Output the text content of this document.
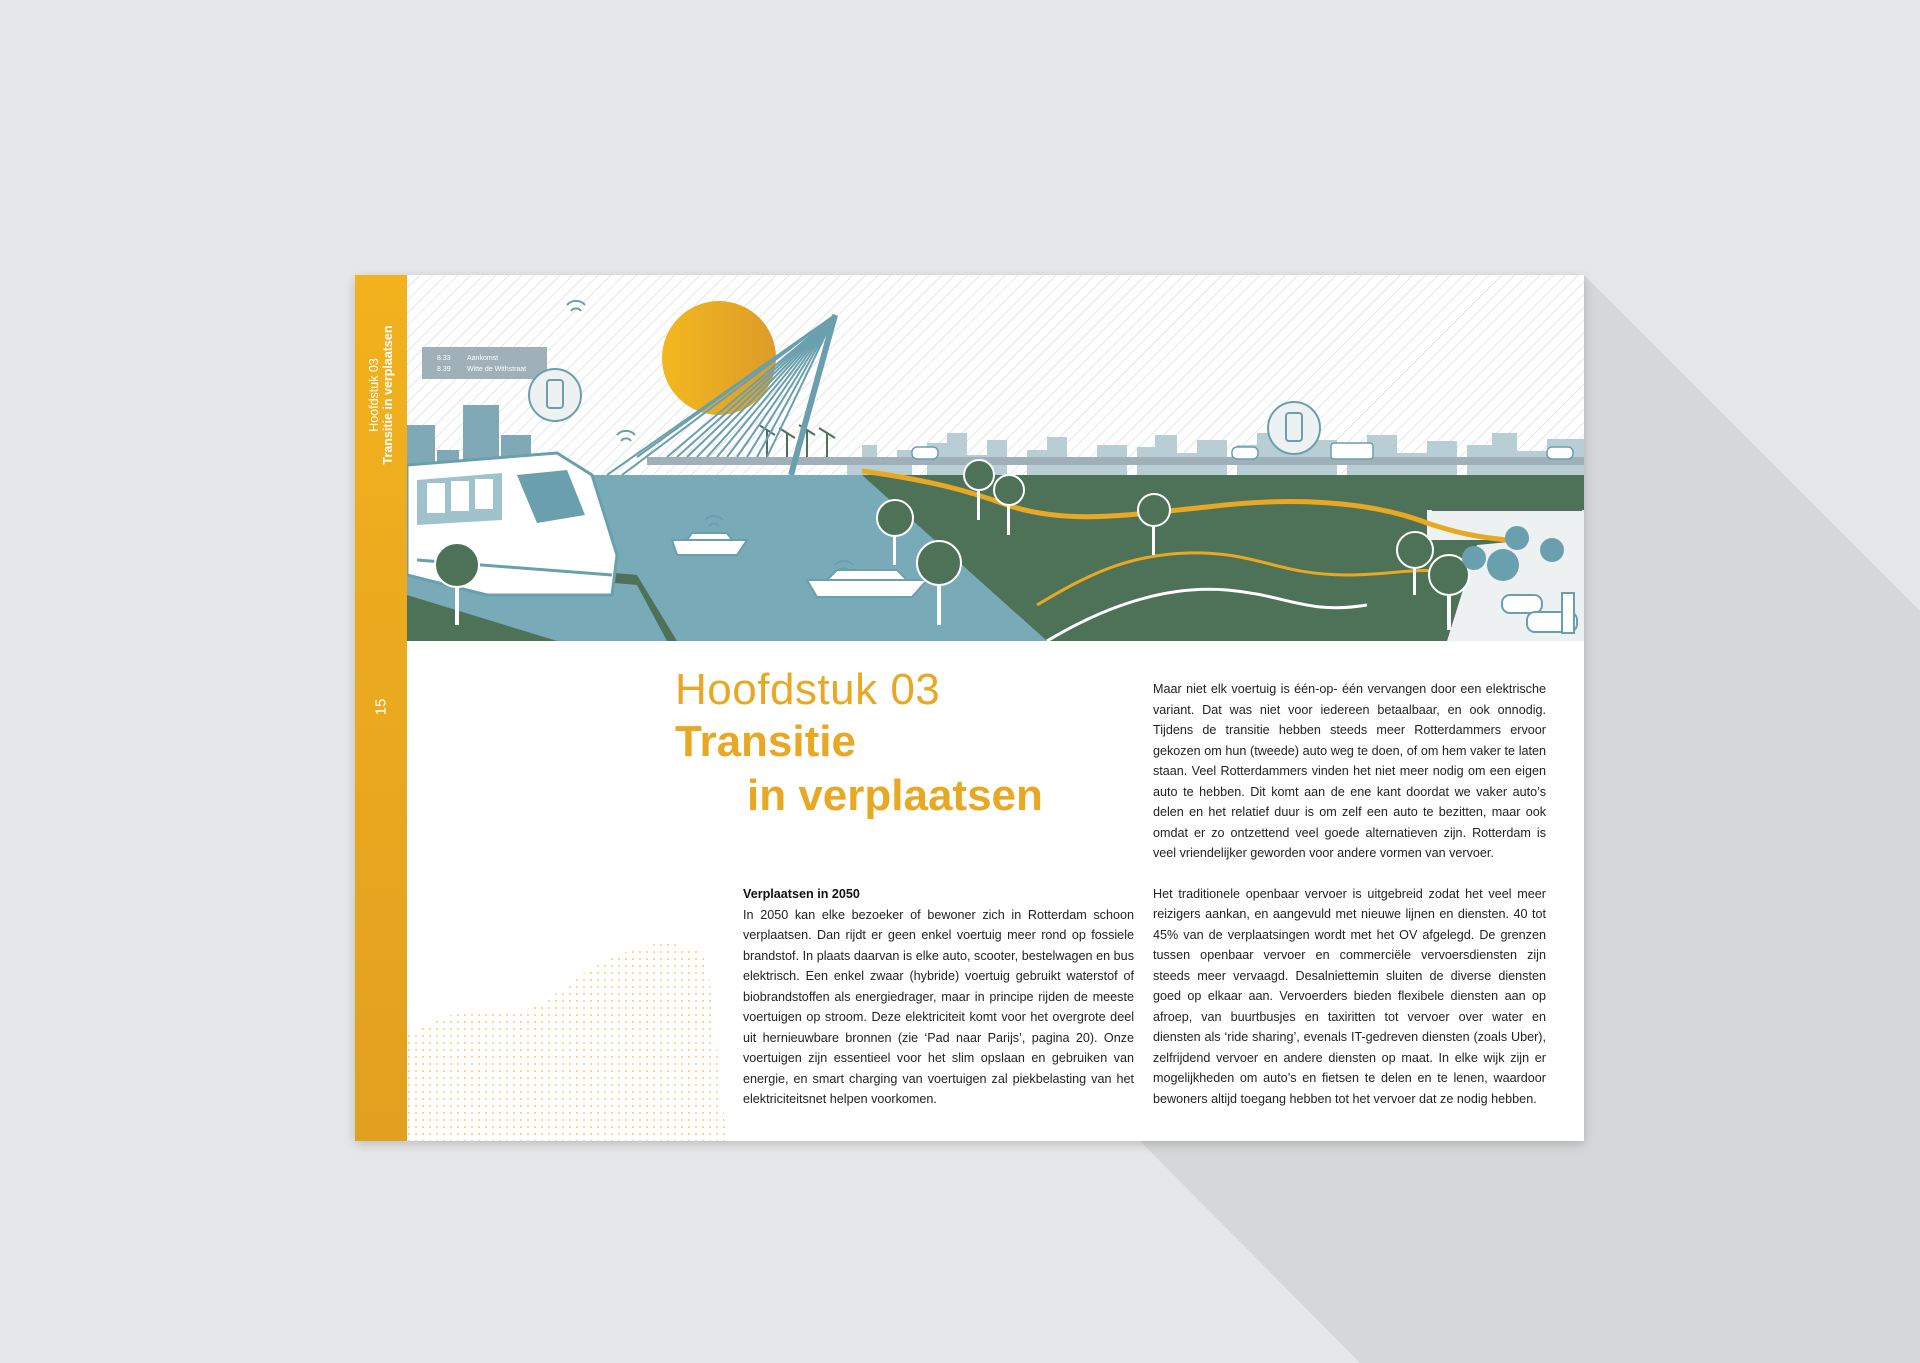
Hoofdstuk 03 Transitie in verplaatsen
15
8.33 Aankomst
8.39 Witte de Withstraat
Hoofdstuk 03
Transitie
in verplaatsen

Verplaatsen in 2050

In 2050 kan elke bezoeker of bewoner zich in Rotterdam schoon verplaatsen. Dan rijdt er geen enkel voertuig meer rond op fossiele brandstof. In plaats daarvan is elke auto, scooter, bestelwagen en bus elektrisch. Een enkel zwaar (hybride) voertuig gebruikt waterstof of biobrandstoffen als energiedrager, maar in principe rijden de meeste voertuigen op stroom. Deze elektriciteit komt voor het overgrote deel uit hernieuwbare bronnen (zie ‘Pad naar Parijs’, pagina 20). Onze voertuigen zijn essentieel voor het slim opslaan en gebruiken van energie, en smart charging van voertuigen zal piekbelasting van het elektriciteitsnet helpen voorkomen.

Maar niet elk voertuig is één-op- één vervangen door een elektrische variant. Dat was niet voor iedereen betaalbaar, en ook onnodig. Tijdens de transitie hebben steeds meer Rotterdammers ervoor gekozen om hun (tweede) auto weg te doen, of om hem vaker te laten staan. Veel Rotterdammers vinden het niet meer nodig om een eigen auto te hebben. Dit komt aan de ene kant doordat we vaker auto’s delen en het relatief duur is om zelf een auto te bezitten, maar ook omdat er zo ontzettend veel goede alternatieven zijn. Rotterdam is veel vriendelijker geworden voor andere vormen van vervoer.

Het traditionele openbaar vervoer is uitgebreid zodat het veel meer reizigers aankan, en aangevuld met nieuwe lijnen en diensten. 40 tot 45% van de verplaatsingen wordt met het OV afgelegd. De grenzen tussen openbaar vervoer en commerciële vervoersdiensten zijn steeds meer vervaagd. Desalniettemin sluiten de diverse diensten goed op elkaar aan. Vervoerders bieden flexibele diensten aan op afroep, van buurtbusjes en taxiritten tot vervoer over water en diensten als ‘ride sharing’, evenals IT-gedreven diensten (zoals Uber), zelfrijdend vervoer en andere diensten op maat. In elke wijk zijn er mogelijkheden om auto’s en fietsen te delen en te lenen, waardoor bewoners altijd toegang hebben tot het vervoer dat ze nodig hebben.
